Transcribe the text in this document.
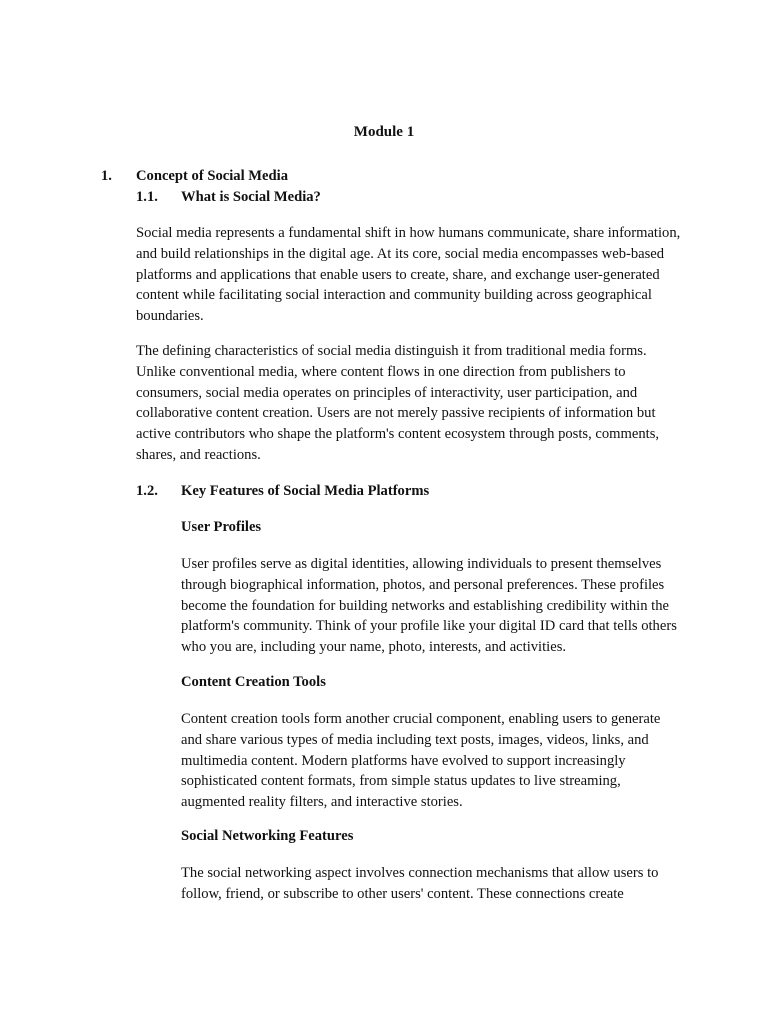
Module 1
1. Concept of Social Media
1.1. What is Social Media?

Social media represents a fundamental shift in how humans communicate, share information, and build relationships in the digital age. At its core, social media encompasses web-based platforms and applications that enable users to create, share, and exchange user-generated content while facilitating social interaction and community building across geographical boundaries.

The defining characteristics of social media distinguish it from traditional media forms. Unlike conventional media, where content flows in one direction from publishers to consumers, social media operates on principles of interactivity, user participation, and collaborative content creation. Users are not merely passive recipients of information but active contributors who shape the platform's content ecosystem through posts, comments, shares, and reactions.

1.2. Key Features of Social Media Platforms
User Profiles

User profiles serve as digital identities, allowing individuals to present themselves through biographical information, photos, and personal preferences. These profiles become the foundation for building networks and establishing credibility within the platform's community. Think of your profile like your digital ID card that tells others who you are, including your name, photo, interests, and activities.

Content Creation Tools

Content creation tools form another crucial component, enabling users to generate and share various types of media including text posts, images, videos, links, and multimedia content. Modern platforms have evolved to support increasingly sophisticated content formats, from simple status updates to live streaming, augmented reality filters, and interactive stories.

Social Networking Features

The social networking aspect involves connection mechanisms that allow users to follow, friend, or subscribe to other users' content. These connections create
